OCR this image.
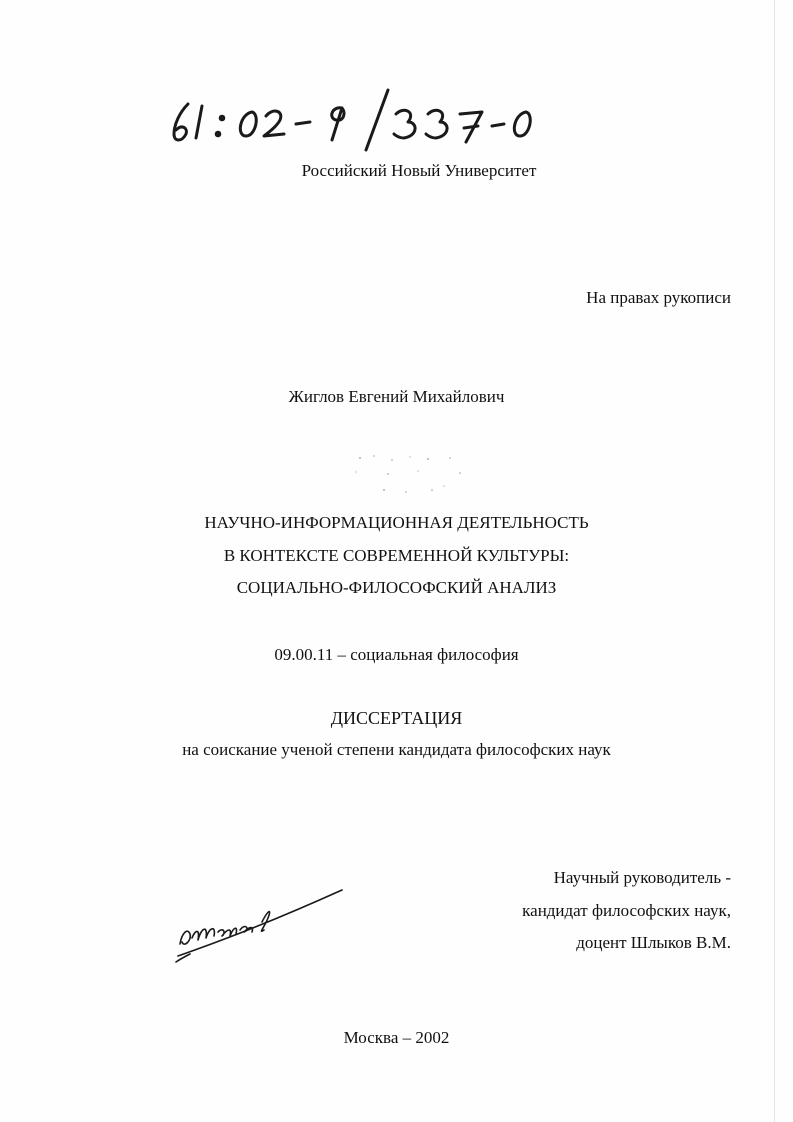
Российский Новый Университет
На правах рукописи
Жиглов Евгений Михайлович
НАУЧНО-ИНФОРМАЦИОННАЯ ДЕЯТЕЛЬНОСТЬ
В КОНТЕКСТЕ СОВРЕМЕННОЙ КУЛЬТУРЫ:
СОЦИАЛЬНО-ФИЛОСОФСКИЙ АНАЛИЗ
09.00.11 – социальная философия
ДИССЕРТАЦИЯ
на соискание ученой степени кандидата философских наук
Научный руководитель -
кандидат философских наук,
доцент Шлыков В.М.
Москва – 2002
